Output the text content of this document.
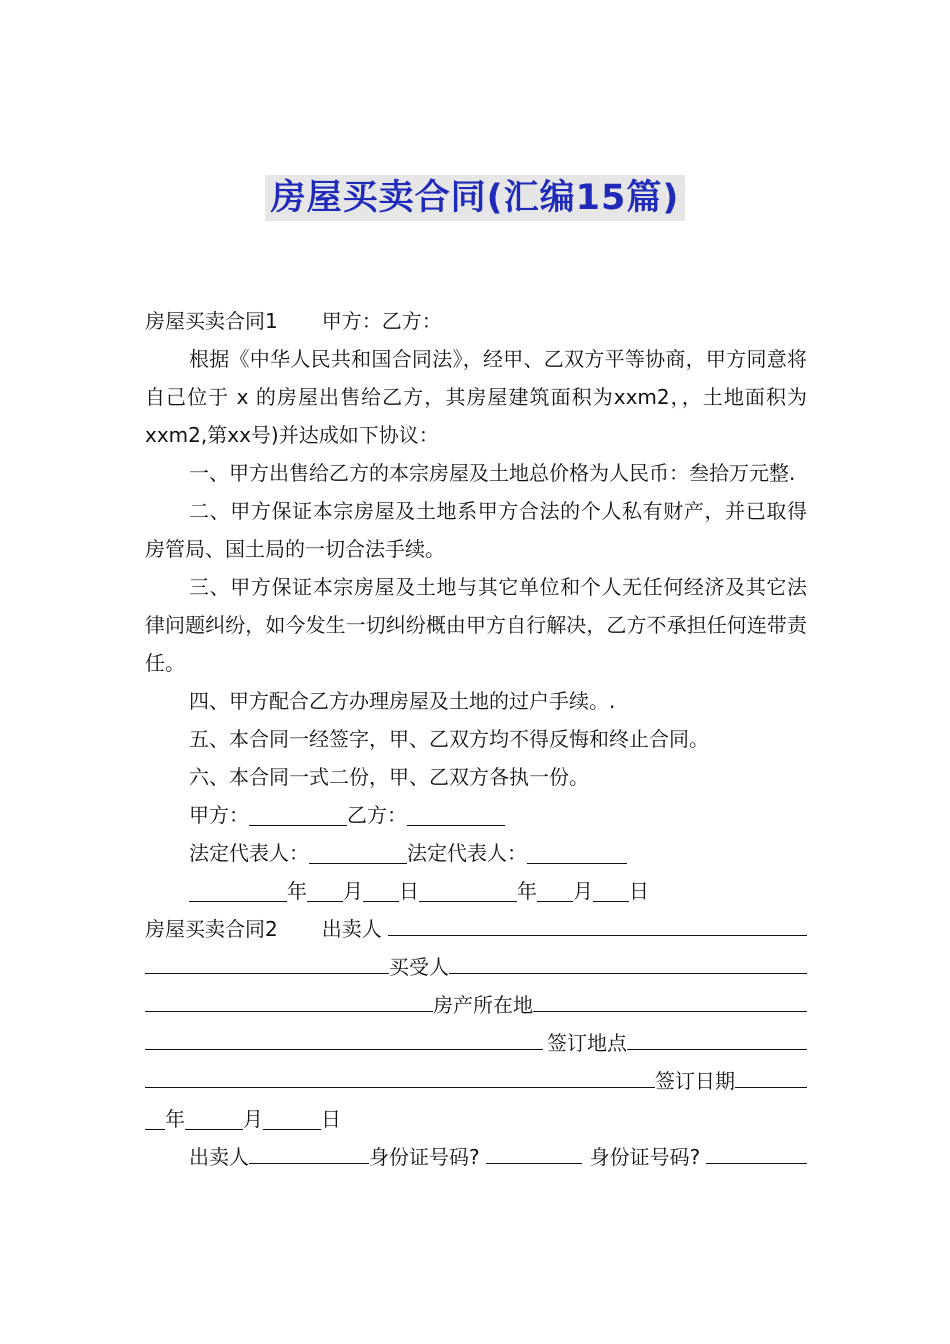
房屋买卖合同(汇编15篇)

房屋买卖合同1 甲方：乙方：

根据《中华人民共和国合同法》，经甲、乙双方平等协商，甲方同意将自己位于 x 的房屋出售给乙方，其房屋建筑面积为xxm2，，土地面积为xxm2,第xx号)并达成如下协议：

一、甲方出售给乙方的本宗房屋及土地总价格为人民币：叁拾万元整.

二、甲方保证本宗房屋及土地系甲方合法的个人私有财产，并已取得房管局、国土局的一切合法手续。

三、甲方保证本宗房屋及土地与其它单位和个人无任何经济及其它法律问题纠纷，如今发生一切纠纷概由甲方自行解决，乙方不承担任何连带责任。

四、甲方配合乙方办理房屋及土地的过户手续。.

五、本合同一经签字，甲、乙双方均不得反悔和终止合同。

六、本合同一式二份，甲、乙双方各执一份。

甲方：	乙方：

法定代表人：	法定代表人：

年 月 日	年 月 日

房屋买卖合同2 出卖人
买受人
房产所在地
签订地点
签订日期

年	月	日

出卖人	身份证号码?	身份证号码?
